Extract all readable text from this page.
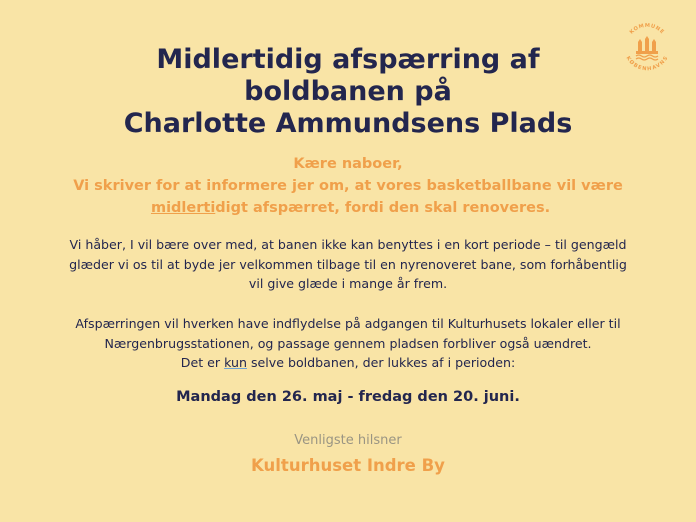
KOMMUNE
KØBENHAVNS
Midlertidig afspærring af
boldbanen på
Charlotte Ammundsens Plads
Kære naboer,
Vi skriver for at informere jer om, at vores basketballbane vil være
midlertidigt afspærret, fordi den skal renoveres.
Vi håber, I vil bære over med, at banen ikke kan benyttes i en kort periode – til gengæld
glæder vi os til at byde jer velkommen tilbage til en nyrenoveret bane, som forhåbentlig
vil give glæde i mange år frem.
Afspærringen vil hverken have indflydelse på adgangen til Kulturhusets lokaler eller til
Nærgenbrugsstationen, og passage gennem pladsen forbliver også uændret.
Det er kun selve boldbanen, der lukkes af i perioden:
Mandag den 26. maj - fredag den 20. juni.
Venligste hilsner
Kulturhuset Indre By
